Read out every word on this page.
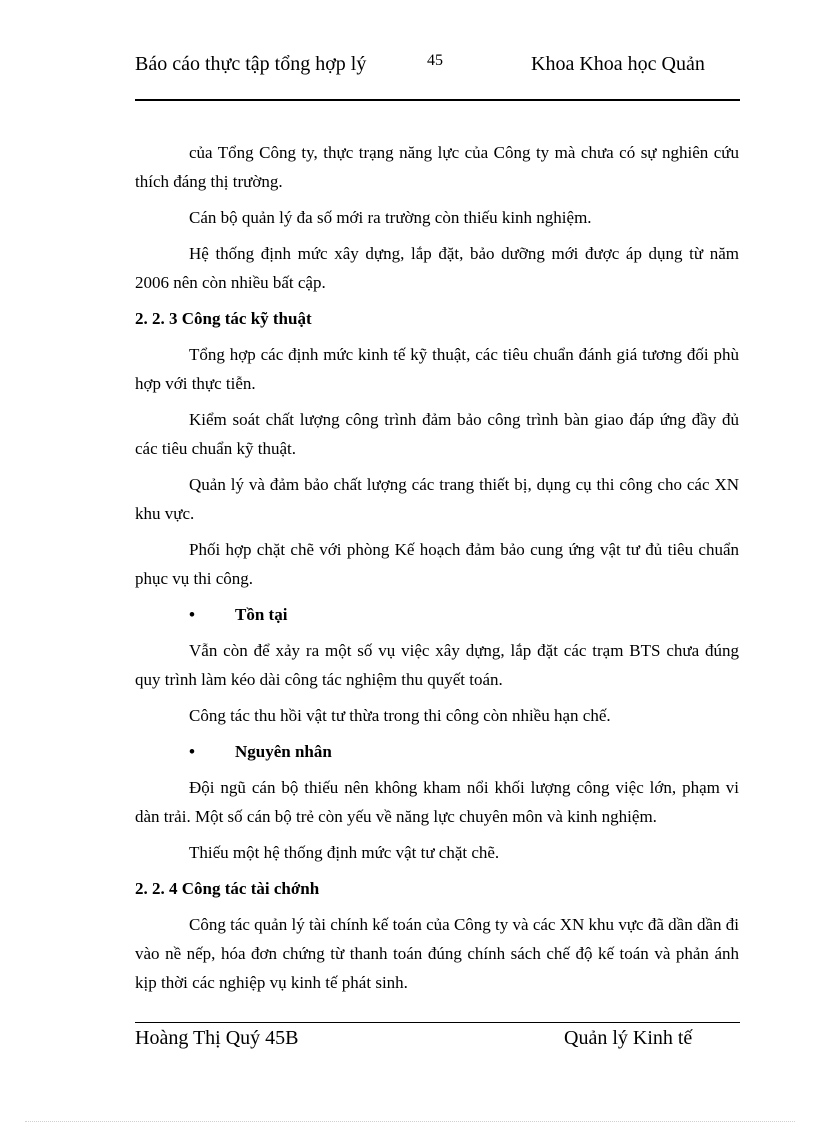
Báo cáo thực tập tổng hợp lý	45	Khoa Khoa học Quản

của Tổng Công ty, thực trạng năng lực của Công ty mà chưa có sự nghiên cứu thích đáng thị trường.

Cán bộ quản lý đa số mới ra trường còn thiếu kinh nghiệm.

Hệ thống định mức xây dựng, lắp đặt, bảo dưỡng mới được áp dụng từ năm 2006 nên còn nhiều bất cập.

2. 2. 3 Công tác kỹ thuật

Tổng hợp các định mức kinh tế kỹ thuật, các tiêu chuẩn đánh giá tương đối phù hợp với thực tiễn.

Kiểm soát chất lượng công trình đảm bảo công trình bàn giao đáp ứng đầy đủ các tiêu chuẩn kỹ thuật.

Quản lý và đảm bảo chất lượng các trang thiết bị, dụng cụ thi công cho các XN khu vực.

Phối hợp chặt chẽ với phòng Kế hoạch đảm bảo cung ứng vật tư đủ tiêu chuẩn phục vụ thi công.

•	Tồn tại

Vẫn còn để xảy ra một số vụ việc xây dựng, lắp đặt các trạm BTS chưa đúng quy trình làm kéo dài công tác nghiệm thu quyết toán.

Công tác thu hồi vật tư thừa trong thi công còn nhiều hạn chế.

•	Nguyên nhân

Đội ngũ cán bộ thiếu nên không kham nổi khối lượng công việc lớn, phạm vi dàn trải. Một số cán bộ trẻ còn yếu về năng lực chuyên môn và kinh nghiệm.

Thiếu một hệ thống định mức vật tư chặt chẽ.

2. 2. 4 Công tác tài chớnh

Công tác quản lý tài chính kế toán của Công ty và các XN khu vực đã dần dần đi vào nề nếp, hóa đơn chứng từ thanh toán đúng chính sách chế độ kế toán và phản ánh kịp thời các nghiệp vụ kinh tế phát sinh.

Hoàng Thị Quý 45B	Quản lý Kinh tế
